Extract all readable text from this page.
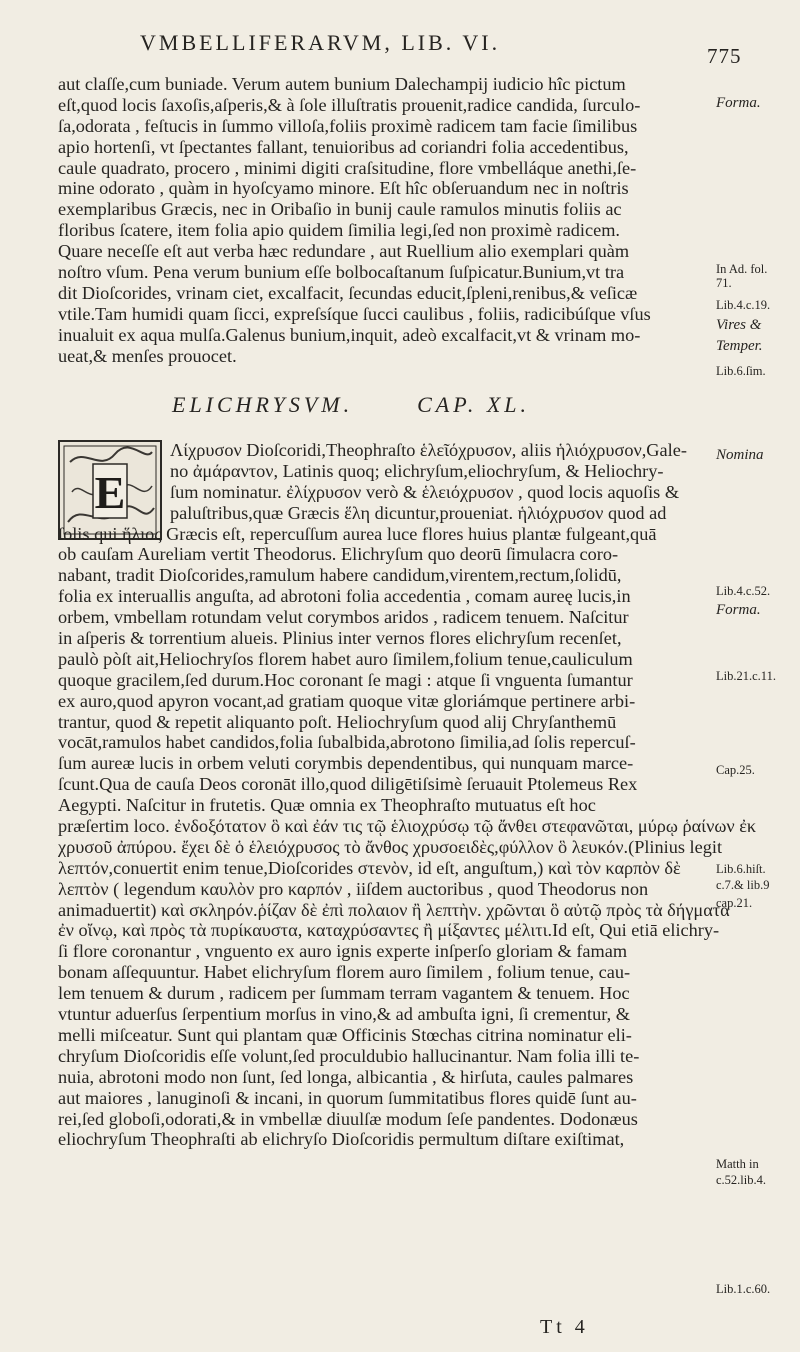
VMBELLIFERARVM, LIB. VI.
775
aut claſſe,cum buniade. Verum autem bunium Dalechampij iudicio hîc pictum
eſt,quod locis ſaxoſis,aſperis,& à ſole illuſtratis prouenit,radice candida, ſurculo-
ſa,odorata , feſtucis in ſummo villoſa,foliis proximè radicem tam facie ſimilibus
apio hortenſi, vt ſpectantes fallant, tenuioribus ad coriandri folia accedentibus,
caule quadrato, procero , minimi digiti craſsitudine, flore vmbelláque anethi,ſe-
mine odorato , quàm in hyoſcyamo minore. Eſt hîc obſeruandum nec in noſtris
exemplaribus Græcis, nec in Oribaſio in bunij caule ramulos minutis foliis ac
floribus ſcatere, item folia apio quidem ſimilia legi,ſed non proximè radicem.
Quare neceſſe eſt aut verba hæc redundare , aut Ruellium alio exemplari quàm
noſtro vſum. Pena verum bunium eſſe bolbocaſtanum ſuſpicatur.Bunium,vt tra
dit Dioſcorides, vrinam ciet, excalfacit, ſecundas educit,ſpleni,renibus,& veſicæ
vtile.Tam humidi quam ſicci, expreſsíque ſucci caulibus , foliis, radicibúſque vſus
inualuit ex aqua mulſa.Galenus bunium,inquit, adeò excalfacit,vt & vrinam mo-
ueat,& menſes prouocet.
ELICHRYSVM.	CAP. XL.
E
Λίχρυσον Dioſcoridi,Theophraſto ἑλεῖόχρυσον, aliis ἡλιόχρυσον,Gale-
no ἀμάραντον, Latinis quoq; elichryſum,eliochryſum, & Heliochry-
ſum nominatur. ἐλίχρυσον verò & ἑλειόχρυσον , quod locis aquoſis &
paluſtribus,quæ Græcis ἕλη dicuntur,proueniat. ἡλιόχρυσον quod ad
ſolis qui ἥλιος Græcis eſt, repercuſſum aurea luce flores huius plantæ fulgeant,quā
ob cauſam Aureliam vertit Theodorus. Elichryſum quo deorū ſimulacra coro-
nabant, tradit Dioſcorides,ramulum habere candidum,virentem,rectum,ſolidū,
folia ex interuallis anguſta, ad abrotoni folia accedentia , comam aureę lucis,in
orbem, vmbellam rotundam velut corymbos aridos , radicem tenuem. Naſcitur
in aſperis & torrentium alueis. Plinius inter vernos flores elichryſum recenſet,
paulò pòſt ait,Heliochryſos florem habet auro ſimilem,folium tenue,cauliculum
quoque gracilem,ſed durum.Hoc coronant ſe magi : atque ſi vnguenta ſumantur
ex auro,quod apyron vocant,ad gratiam quoque vitæ gloriámque pertinere arbi-
trantur, quod & repetit aliquanto poſt. Heliochryſum quod alij Chryſanthemū
vocāt,ramulos habet candidos,folia ſubalbida,abrotono ſimilia,ad ſolis repercuſ-
ſum aureæ lucis in orbem veluti corymbis dependentibus, qui nunquam marce-
ſcunt.Qua de cauſa Deos coronāt illo,quod diligētiſsimè ſeruauit Ptolemeus Rex
Aegypti. Naſcitur in frutetis. Quæ omnia ex Theophraſto mutuatus eſt hoc
præſertim loco. ἐνδοξότατον ὃ καὶ ἐάν τις τῷ ἑλιοχρύσῳ τῷ ἄνθει στεφανῶται, μύρῳ ῥαίνων ἐκ
χρυσοῦ ἀπύρου. ἔχει δὲ ὁ ἑλειόχρυσος τὸ ἄνθος χρυσοειδὲς,φύλλον ὃ λευκόν.(Plinius legit
λεπτόν,conuertit enim tenue,Dioſcorides στενὸν, id eſt, anguſtum,) καὶ τὸν καρπὸν δὲ
λεπτὸν ( legendum καυλὸν pro καρπόν , iiſdem auctoribus , quod Theodorus non
animaduertit) καὶ σκληρόν.ῥίζαν δὲ ἐπὶ πολαιον ἢ λεπτὴν. χρῶνται ὃ αὐτῷ πρὸς τὰ δήγματα
ἐν οἴνῳ, καὶ πρὸς τὰ πυρίκαυστα, καταχρύσαντες ἢ μίξαντες μέλιτι.Id eſt, Qui etiā elichry-
ſi flore coronantur , vnguento ex auro ignis experte inſperſo gloriam & famam
bonam aſſequuntur. Habet elichryſum florem auro ſimilem , folium tenue, cau-
lem tenuem & durum , radicem per ſummam terram vagantem & tenuem. Hoc
vtuntur aduerſus ſerpentium morſus in vino,& ad ambuſta igni, ſi crementur, &
melli miſceatur. Sunt qui plantam quæ Officinis Stœchas citrina nominatur eli-
chryſum Dioſcoridis eſſe volunt,ſed proculdubio hallucinantur. Nam folia illi te-
nuia, abrotoni modo non ſunt, ſed longa, albicantia , & hirſuta, caules palmares
aut maiores , lanuginoſi & incani, in quorum ſummitatibus flores quidē ſunt au-
rei,ſed globoſi,odorati,& in vmbellæ diuulſæ modum ſeſe pandentes. Dodonæus
eliochryſum Theophraſti ab elichryſo Dioſcoridis permultum diſtare exiſtimat,
Forma.
In Ad. fol.
71.
Lib.4.c.19.
Vires &
Temper.
Lib.6.ſim.
Nomina
Lib.4.c.52.
Forma.
Lib.21.c.11.
Cap.25.
Lib.6.hiſt.
c.7.& lib.9
cap.21.
Matth in
c.52.lib.4.
Lib.1.c.60.
Tt 4
